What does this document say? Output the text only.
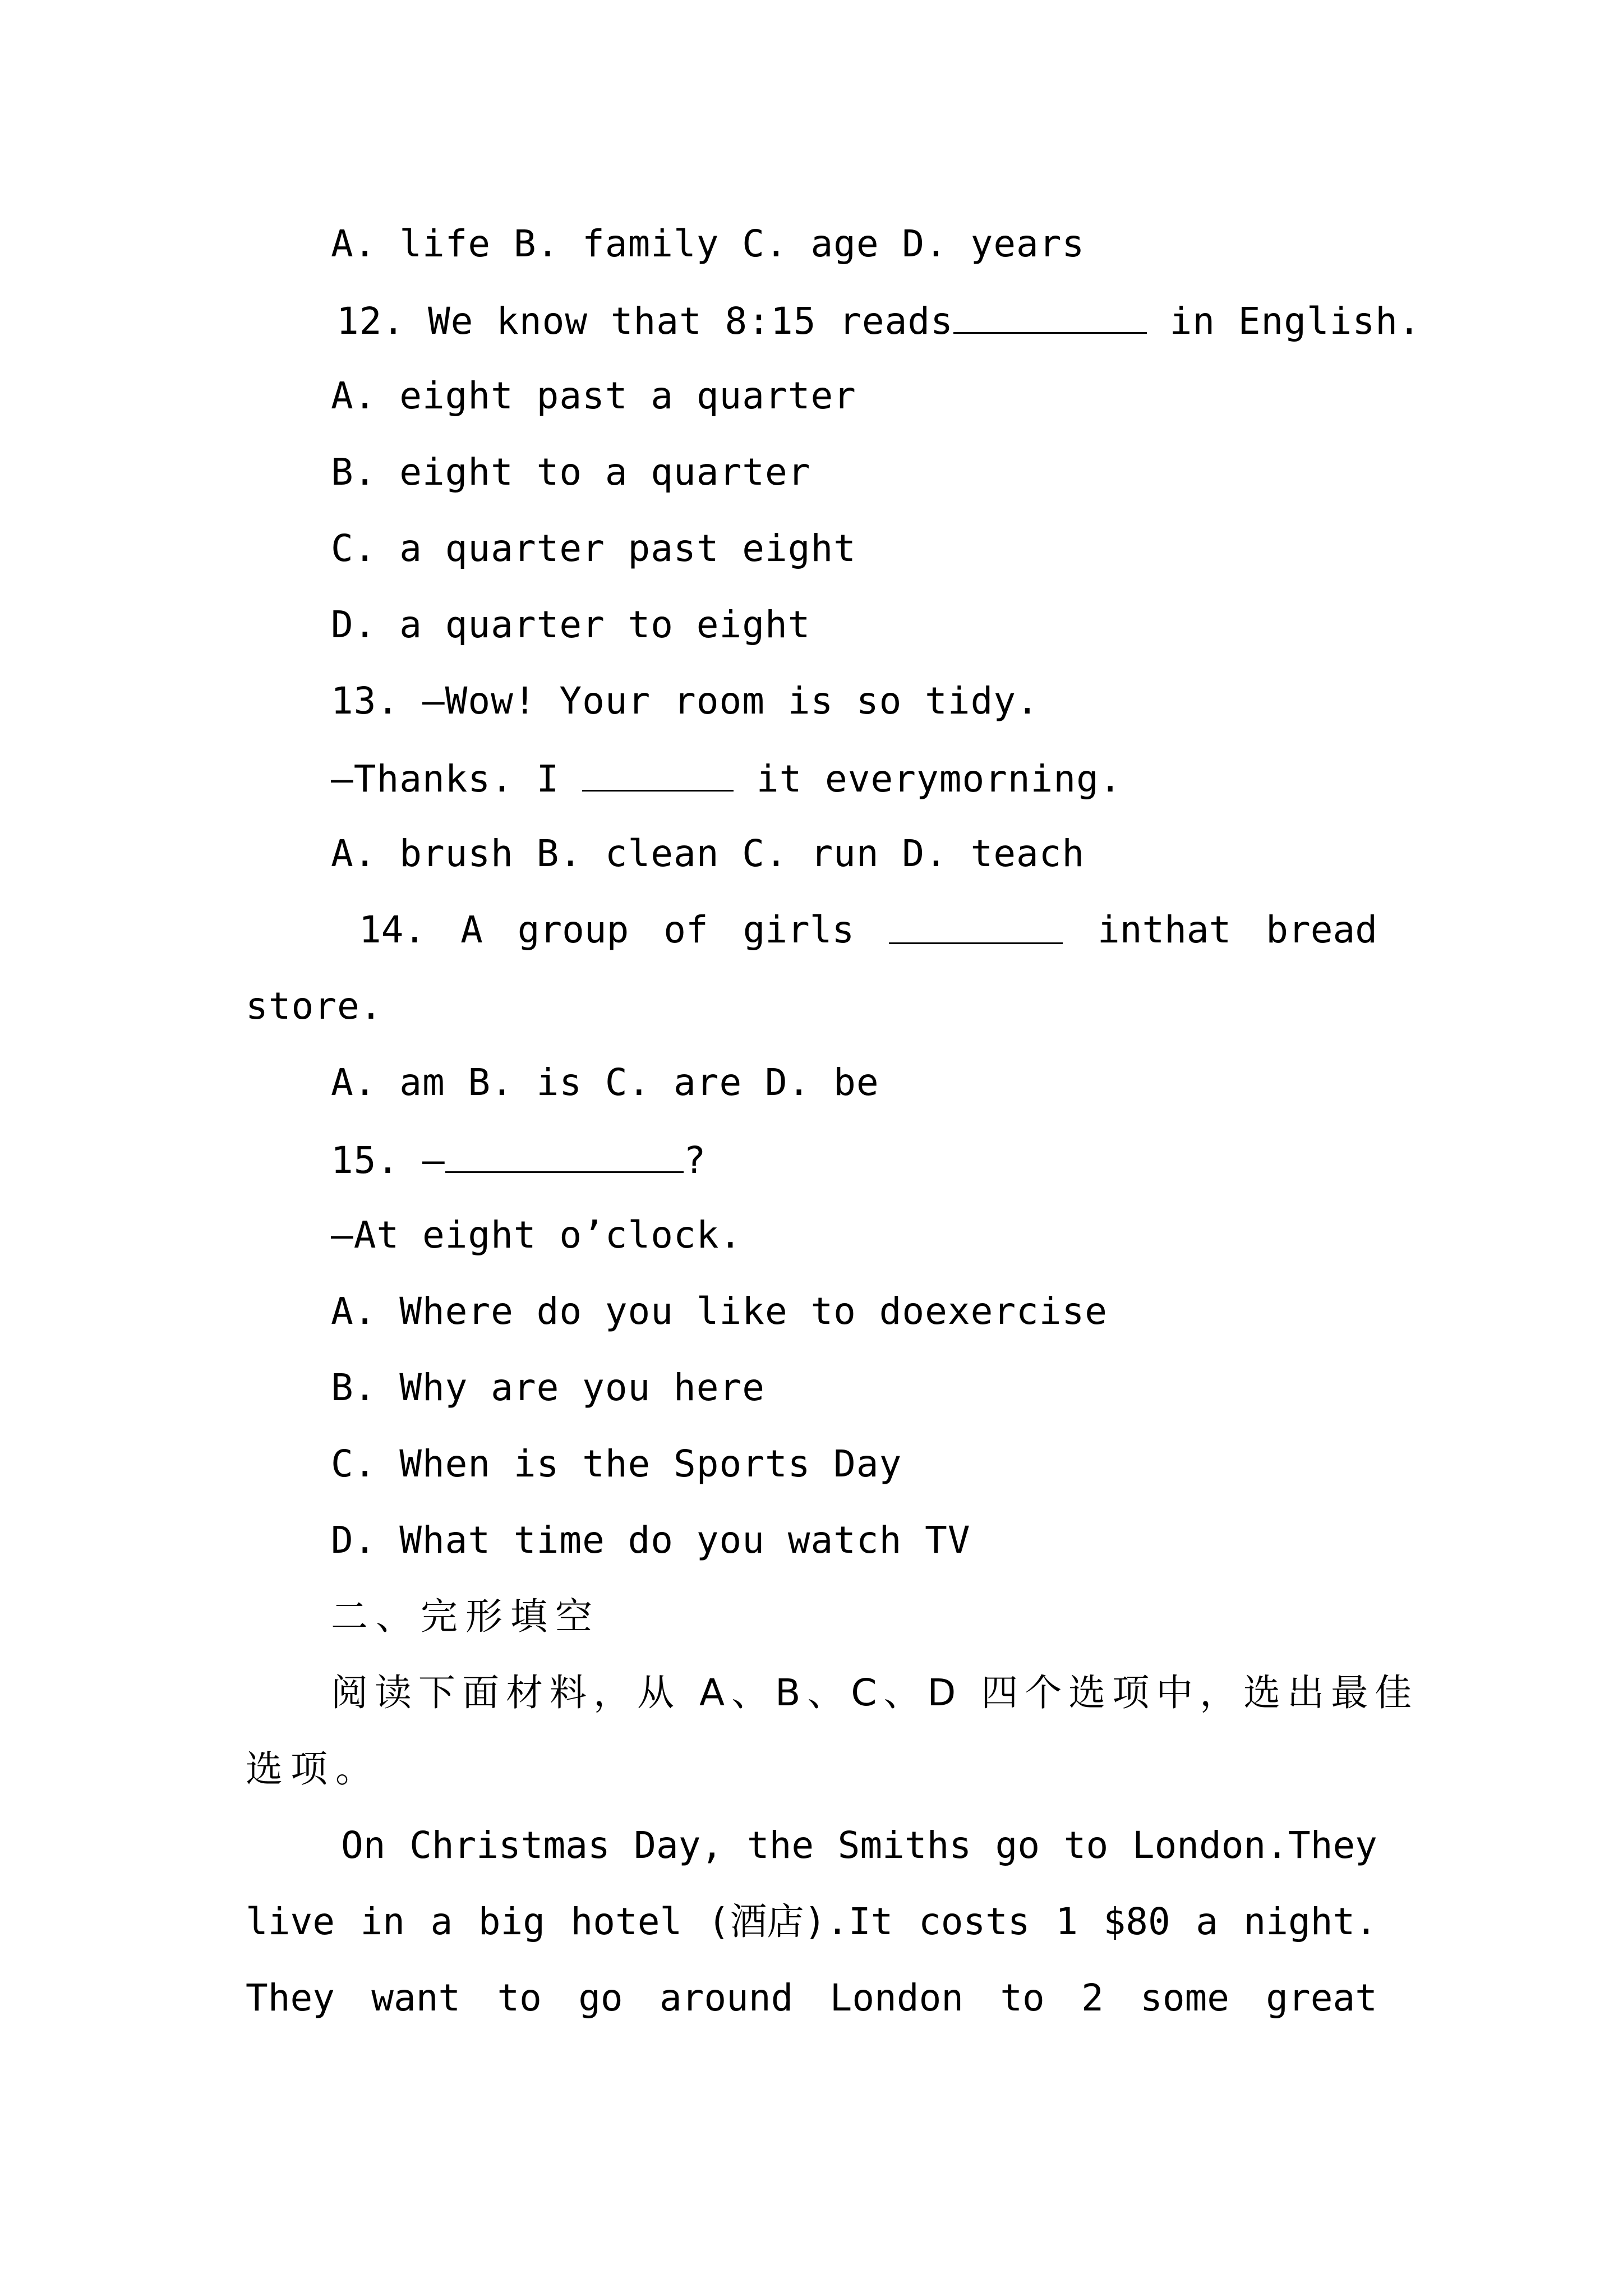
A. life B. family C. age D. years
12. We know that 8:15 reads	in English.
A. eight past a quarter
B. eight to a quarter
C. a quarter past eight
D. a quarter to eight
13. —Wow! Your room is so tidy.
—Thanks. I	it everymorning.
A. brush B. clean C. run D. teach
14. A group of girls	inthat bread
store.
A. am B. is C. are D. be
15. —	?
—At eight o’clock.
A. Where do you like to doexercise
B. Why are you here
C. When is the Sports Day
D. What time do you watch TV
二、完形填空
阅读下面材料，从 A、B、C、D 四个选项中，选出最佳
选项。
On Christmas Day, the Smiths go to London.They
live in a big hotel (酒店).It costs 1 $80 a night.
They want to go around London to 2 some great
